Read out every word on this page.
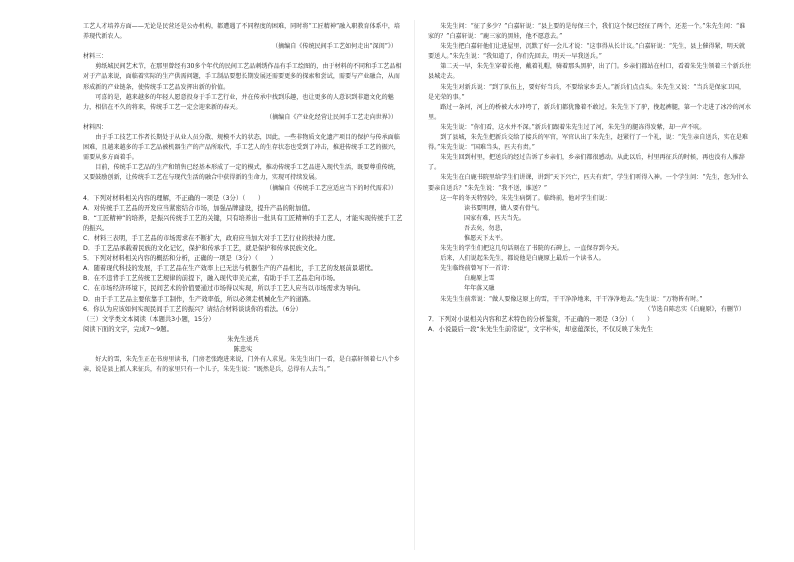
工艺人才培养方面——无论是民营还是公办机构，都遭遇了不同程度的困难，同时将“工匠精神”融入职教育体系中，培养现代新农人。

（摘编自《传统民间手工艺如何走出“深闺”》）

材料三：

剪纸城民间艺术节，在那里曾经有30多个年代的民间工艺品刺绣作品有手工绘图的，由于材料的不同和手工艺品相对于产品来说，面临着实际的生产供需问题，手工制品要想长期发展还需要更多的探索和尝试，需要与产业融合，从而形成新的产业链条，使传统手工艺品发挥出新的价值。

可喜的是，越来越多的年轻人愿意投身于手工艺行业，并在传承中找到乐趣，也让更多的人意识到非遗文化的魅力，相信在不久的将来，传统手工艺一定会迎来新的春天。

（摘编自《产业化经营让民间手工艺走向世界》）

材料四：

由于手工技艺工作者长期处于从业人员分散、规模不大的状态，因此，一些非物质文化遗产项目的保护与传承面临困难，且越来越多的手工艺品被机器生产的产品所取代，手工艺人的生存状态也受到了冲击，推进传统手工艺的振兴，需要从多方面着手。

目前，传统手工艺品的生产和销售已经基本形成了一定的模式，推动传统手工艺品进入现代生活，既要尊重传统，又要鼓励创新，让传统手工艺在与现代生活的融合中获得新的生命力，实现可持续发展。

（摘编自《传统手工艺应适应当下的时代需求》）

4．下列对材料相关内容的理解，不正确的一项是（3分）（　　）

A．对传统手工艺品的开发应当紧密结合市场，加强品牌建设，提升产品的附加值。

B．“工匠精神”的培养，是振兴传统手工艺的关键，只有培养出一批具有工匠精神的手工艺人，才能实现传统手工艺的振兴。

C．材料三表明，手工艺品的市场需求在不断扩大，政府应当加大对手工艺行业的扶持力度。

D．手工艺品承载着民族的文化记忆，保护和传承手工艺，就是保护和传承民族文化。

5．下列对材料相关内容的概括和分析，正确的一项是（3分）（　　）

A．随着现代科技的发展，手工艺品在生产效率上已无法与机器生产的产品相比，手工艺的发展前景堪忧。

B．在不违背手工艺传统工艺规律的前提下，融入现代审美元素，有助于手工艺品走向市场。

C．在市场经济环境下，民间艺术的价值要通过市场得以实现，所以手工艺人应当以市场需求为导向。

D．由于手工艺品主要依靠手工制作，生产效率低，所以必须走机械化生产的道路。

6．你认为应该如何实现民间手工艺的振兴？请结合材料谈谈你的看法。（6分）

（三）文学类文本阅读（本题共3小题，15分）

阅读下面的文字，完成7～9题。

朱先生送兵

陈忠实

好大的雪，朱先生正在书房里读书，门房老张跑进来说，门外有人求见。朱先生出门一看，是白嘉轩领着七八个乡亲，说是县上派人来征兵，有的家里只有一个儿子，朱先生说：“既然是兵，总得有人去当。”

朱先生问：“征了多少？”白嘉轩说：“县上要的是每保三个，我们这个保已经征了两个，还差一个。”朱先生问：“谁家的？”白嘉轩说：“鹿三家的黑娃，他不愿意去。”

朱先生把白嘉轩他们让进屋里，沉默了好一会儿才说：“这事得从长计议。”白嘉轩说：“先生，县上催得紧，明天就要送人。”朱先生说：“我知道了，你们先回去，明天一早我送兵。”

第二天一早，朱先生穿着长袍，戴着礼帽，骑着那头黑驴，出了门。乡亲们都站在村口，看着朱先生领着三个新兵往县城走去。

朱先生对新兵说：“到了队伍上，要好好当兵，不要给家乡丢人。”新兵们点点头。朱先生又说：“当兵是保家卫国，是光荣的事。”

路过一条河，河上的桥被大水冲垮了，新兵们都犹豫着不敢过。朱先生下了驴，挽起裤腿，第一个走进了冰冷的河水里。

朱先生说：“你们看，这水并不深。”新兵们跟着朱先生过了河，朱先生的腿冻得发紫，却一声不吭。

到了县城，朱先生把新兵交给了接兵的军官，军官认出了朱先生，赶紧行了一个礼，说：“先生亲自送兵，实在是难得。”朱先生说：“国难当头，匹夫有责。”

朱先生回到村里，把送兵的经过告诉了乡亲们，乡亲们都很感动。从此以后，村里再征兵的时候，再也没有人推辞了。

朱先生在白鹿书院里给学生们讲课，讲到“天下兴亡，匹夫有责”，学生们听得入神。一个学生问：“先生，您为什么要亲自送兵？”朱先生说：“我不送，谁送？”

这一年的冬天特别冷，朱先生病倒了。临终前，他对学生们说：

读书要明理，做人要有骨气。

国家有难，匹夫当先。

吾去矣，勿悲，

惟愿天下太平。

朱先生的学生们把这几句话刻在了书院的石碑上，一直保存到今天。

后来，人们说起朱先生，都说他是白鹿原上最后一个读书人。

先生临终前曾写下一首诗：

白鹿原上雪

年年落又融

朱先生生前常说：“做人要像这原上的雪，干干净净地来，干干净净地去。”先生说：“万物皆有时。”

（节选自陈忠实《白鹿原》，有删节）

7．下列对小说相关内容和艺术特色的分析鉴赏，不正确的一项是（3分）（　　）

A．小说最后一段“朱先生生前常说”，文字朴实，却意蕴深长，不仅反映了朱先生
